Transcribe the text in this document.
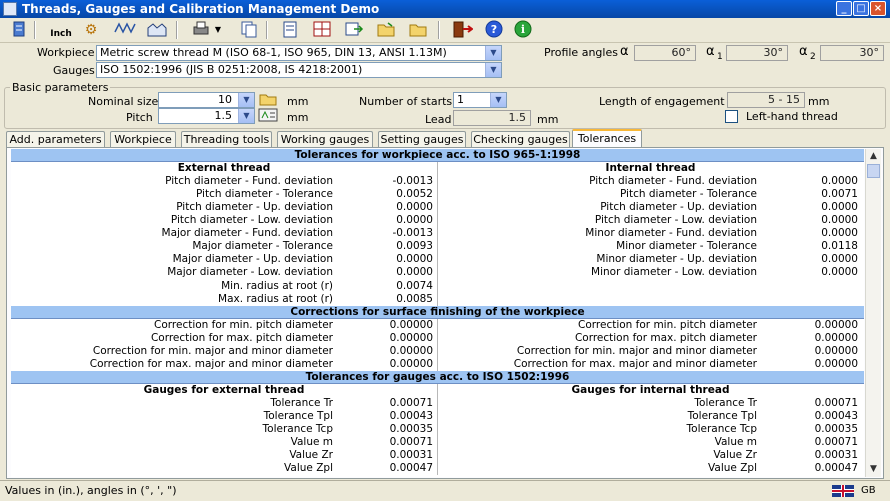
Threads, Gauges and Calibration Management Demo	_ □ ×
Inch ⚙	▼	? i
Workpiece Metric screw thread M (ISO 68-1, ISO 965, DIN 13, ANSI 1.13M)	▼
Gauges ISO 1502:1996 (JIS B 0251:2008, IS 4218:2001)	▼
Profile angles α	60°	α 1	30°	α 2	30°
Basic parameters
Nominal size	10	▼	mm
Pitch	1.5	▼	mm
Number of starts 1	▼
Lead	1.5	mm
Length of engagement	5 - 15 mm
Left-hand thread
Add. parameters	Workpiece	Threading tools	Working gauges	Setting gauges Checking gauges Tolerances
Tolerances for workpiece acc. to ISO 965-1:1998
External thread	Internal thread
Pitch diameter - Fund. deviation	-0.0013	Pitch diameter - Fund. deviation	0.0000
Pitch diameter - Tolerance	0.0052	Pitch diameter - Tolerance	0.0071
Pitch diameter - Up. deviation	0.0000	Pitch diameter - Up. deviation	0.0000
Pitch diameter - Low. deviation	0.0000	Pitch diameter - Low. deviation	0.0000
Major diameter - Fund. deviation	-0.0013	Minor diameter - Fund. deviation	0.0000
Major diameter - Tolerance	0.0093	Minor diameter - Tolerance	0.0118
Major diameter - Up. deviation	0.0000	Minor diameter - Up. deviation	0.0000
Major diameter - Low. deviation	0.0000	Minor diameter - Low. deviation	0.0000
Min. radius at root (r)	0.0074
Max. radius at root (r)	0.0085
Corrections for surface finishing of the workpiece
Correction for min. pitch diameter	0.00000	Correction for min. pitch diameter	0.00000
Correction for max. pitch diameter	0.00000	Correction for max. pitch diameter	0.00000
Correction for min. major and minor diameter	0.00000	Correction for min. major and minor diameter	0.00000
Correction for max. major and minor diameter	0.00000	Correction for max. major and minor diameter	0.00000
Tolerances for gauges acc. to ISO 1502:1996
Gauges for external thread	Gauges for internal thread
Tolerance Tr	0.00071	Tolerance Tr	0.00071
Tolerance Tpl	0.00043	Tolerance Tpl	0.00043
Tolerance Tcp	0.00035	Tolerance Tcp	0.00035
Value m	0.00071	Value m	0.00071
Value Zr	0.00031	Value Zr	0.00031
Value Zpl	0.00047	Value Zpl	0.00047
▲
▼
Values in (in.), angles in (°, ', ")	GB
